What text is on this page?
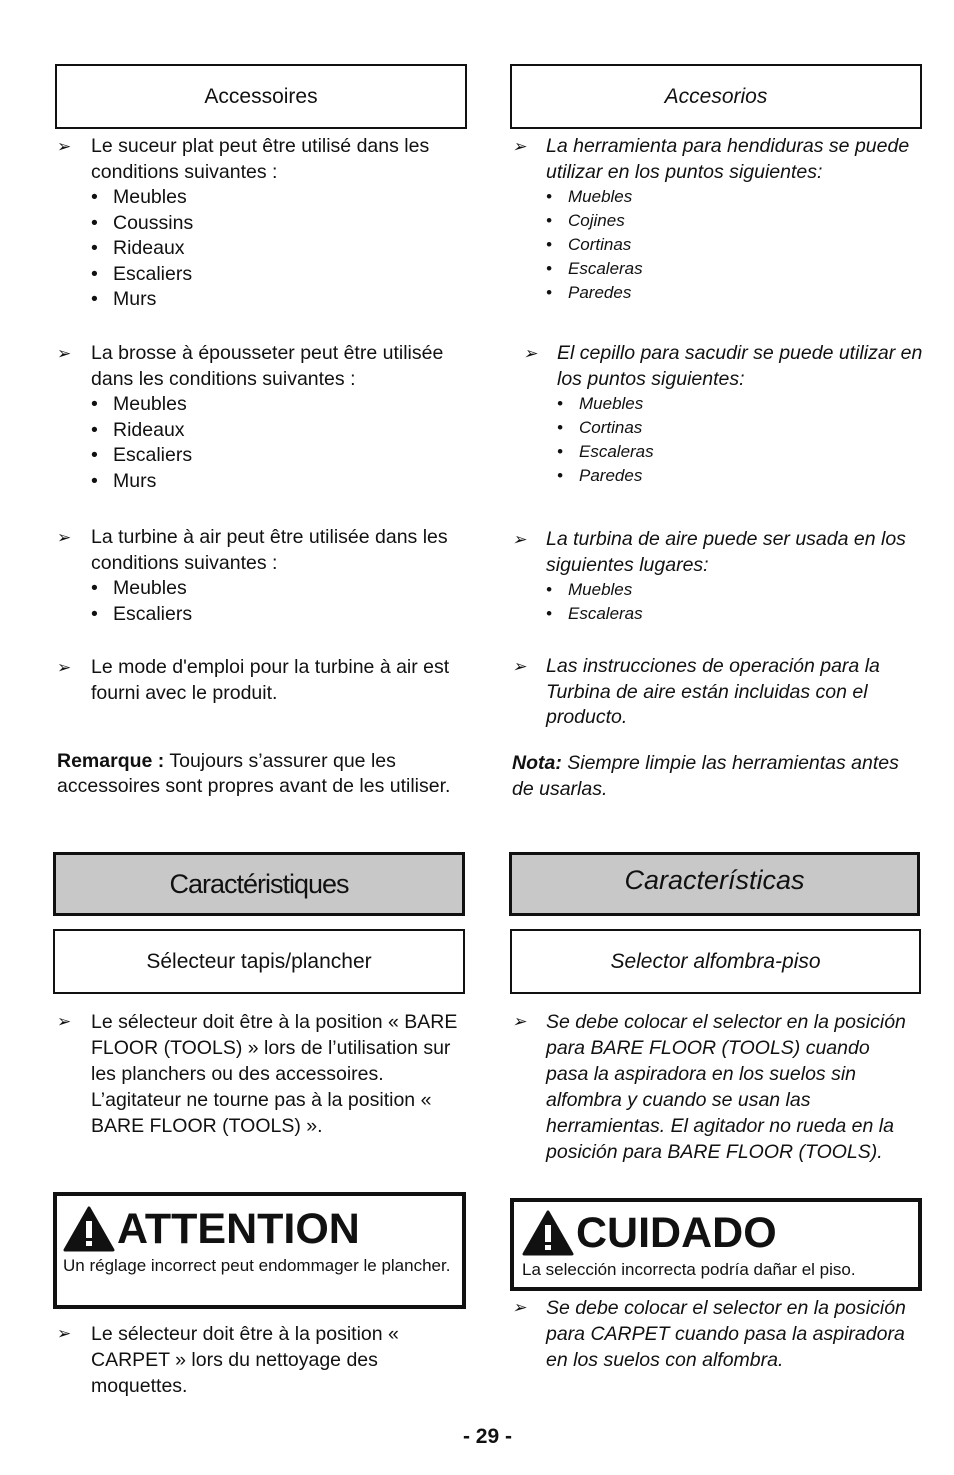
Accessoires
➢ Le suceur plat peut être utilisé dans les conditions suivantes :
• Meubles
• Coussins
• Rideaux
• Escaliers
• Murs
➢ La brosse à épousseter peut être utilisée dans les conditions suivantes :
• Meubles
• Rideaux
• Escaliers
• Murs
➢ La turbine à air peut être utilisée dans les conditions suivantes :
• Meubles
• Escaliers
➢ Le mode d'emploi pour la turbine à air est fourni avec le produit.
Remarque : Toujours s’assurer que les accessoires sont propres avant de les utiliser.
Caractéristiques
Sélecteur tapis/plancher
➢ Le sélecteur doit être à la position « BARE FLOOR (TOOLS) » lors de l’utilisation sur les planchers ou des accessoires. L’agitateur ne tourne pas à la position « BARE FLOOR (TOOLS) ».
ATTENTION
Un réglage incorrect peut endommager le plancher.
➢ Le sélecteur doit être à la position « CARPET » lors du nettoyage des moquettes.
Accesorios
➢ La herramienta para hendiduras se puede utilizar en los puntos siguientes:
• Muebles
• Cojines
• Cortinas
• Escaleras
• Paredes
➢ El cepillo para sacudir se puede utilizar en los puntos siguientes:
• Muebles
• Cortinas
• Escaleras
• Paredes
➢ La turbina de aire puede ser usada en los siguientes lugares:
• Muebles
• Escaleras
➢ Las instrucciones de operación para la Turbina de aire están incluidas con el producto.
Nota: Siempre limpie las herramientas antes de usarlas.
Características
Selector alfombra-piso
➢ Se debe colocar el selector en la posición para BARE FLOOR (TOOLS) cuando pasa la aspiradora en los suelos sin alfombra y cuando se usan las herramientas. El agitador no rueda en la posición para BARE FLOOR (TOOLS).
CUIDADO
La selección incorrecta podría dañar el piso.
➢ Se debe colocar el selector en la posición para CARPET cuando pasa la aspiradora en los suelos con alfombra.
- 29 -
